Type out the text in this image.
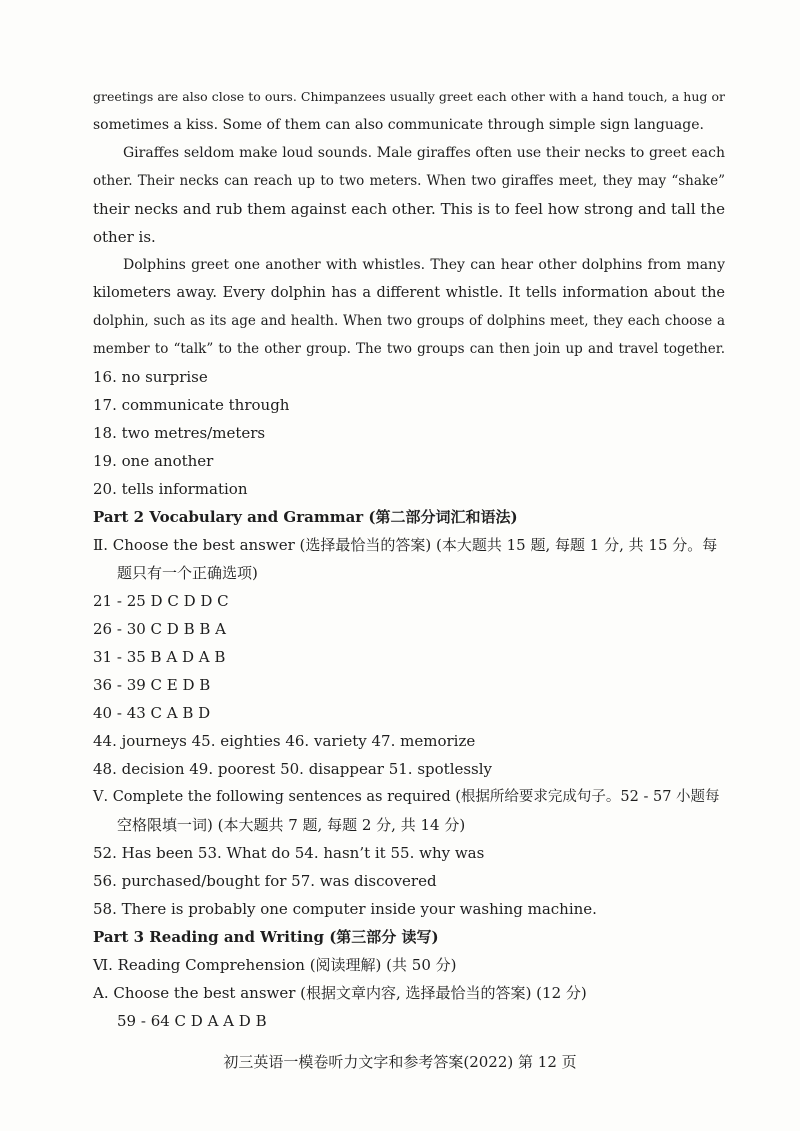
greetings are also close to ours. Chimpanzees usually greet each other with a hand touch, a hug or
sometimes a kiss. Some of them can also communicate through simple sign language.
Giraffes seldom make loud sounds. Male giraffes often use their necks to greet each
other. Their necks can reach up to two meters. When two giraffes meet, they may “shake”
their necks and rub them against each other. This is to feel how strong and tall the
other is.
Dolphins greet one another with whistles. They can hear other dolphins from many
kilometers away. Every dolphin has a different whistle. It tells information about the
dolphin, such as its age and health. When two groups of dolphins meet, they each choose a
member to “talk” to the other group. The two groups can then join up and travel together.
16. no surprise
17. communicate through
18. two metres/meters
19. one another
20. tells information
Part 2 Vocabulary and Grammar (第二部分词汇和语法)
Ⅱ. Choose the best answer (选择最恰当的答案) (本大题共 15 题, 每题 1 分, 共 15 分。每
题只有一个正确选项)
21 - 25 D C D D C
26 - 30 C D B B A
31 - 35 B A D A B
36 - 39 C E D B
40 - 43 C A B D
44. journeys 45. eighties 46. variety 47. memorize
48. decision 49. poorest 50. disappear 51. spotlessly
Ⅴ. Complete the following sentences as required (根据所给要求完成句子。52 - 57 小题每
空格限填一词) (本大题共 7 题, 每题 2 分, 共 14 分)
52. Has been 53. What do 54. hasn’t it 55. why was
56. purchased/bought for 57. was discovered
58. There is probably one computer inside your washing machine.
Part 3 Reading and Writing (第三部分 读写)
Ⅵ. Reading Comprehension (阅读理解) (共 50 分)
A. Choose the best answer (根据文章内容, 选择最恰当的答案) (12 分)
59 - 64 C D A A D B
初三英语一模卷听力文字和参考答案(2022) 第 12 页
